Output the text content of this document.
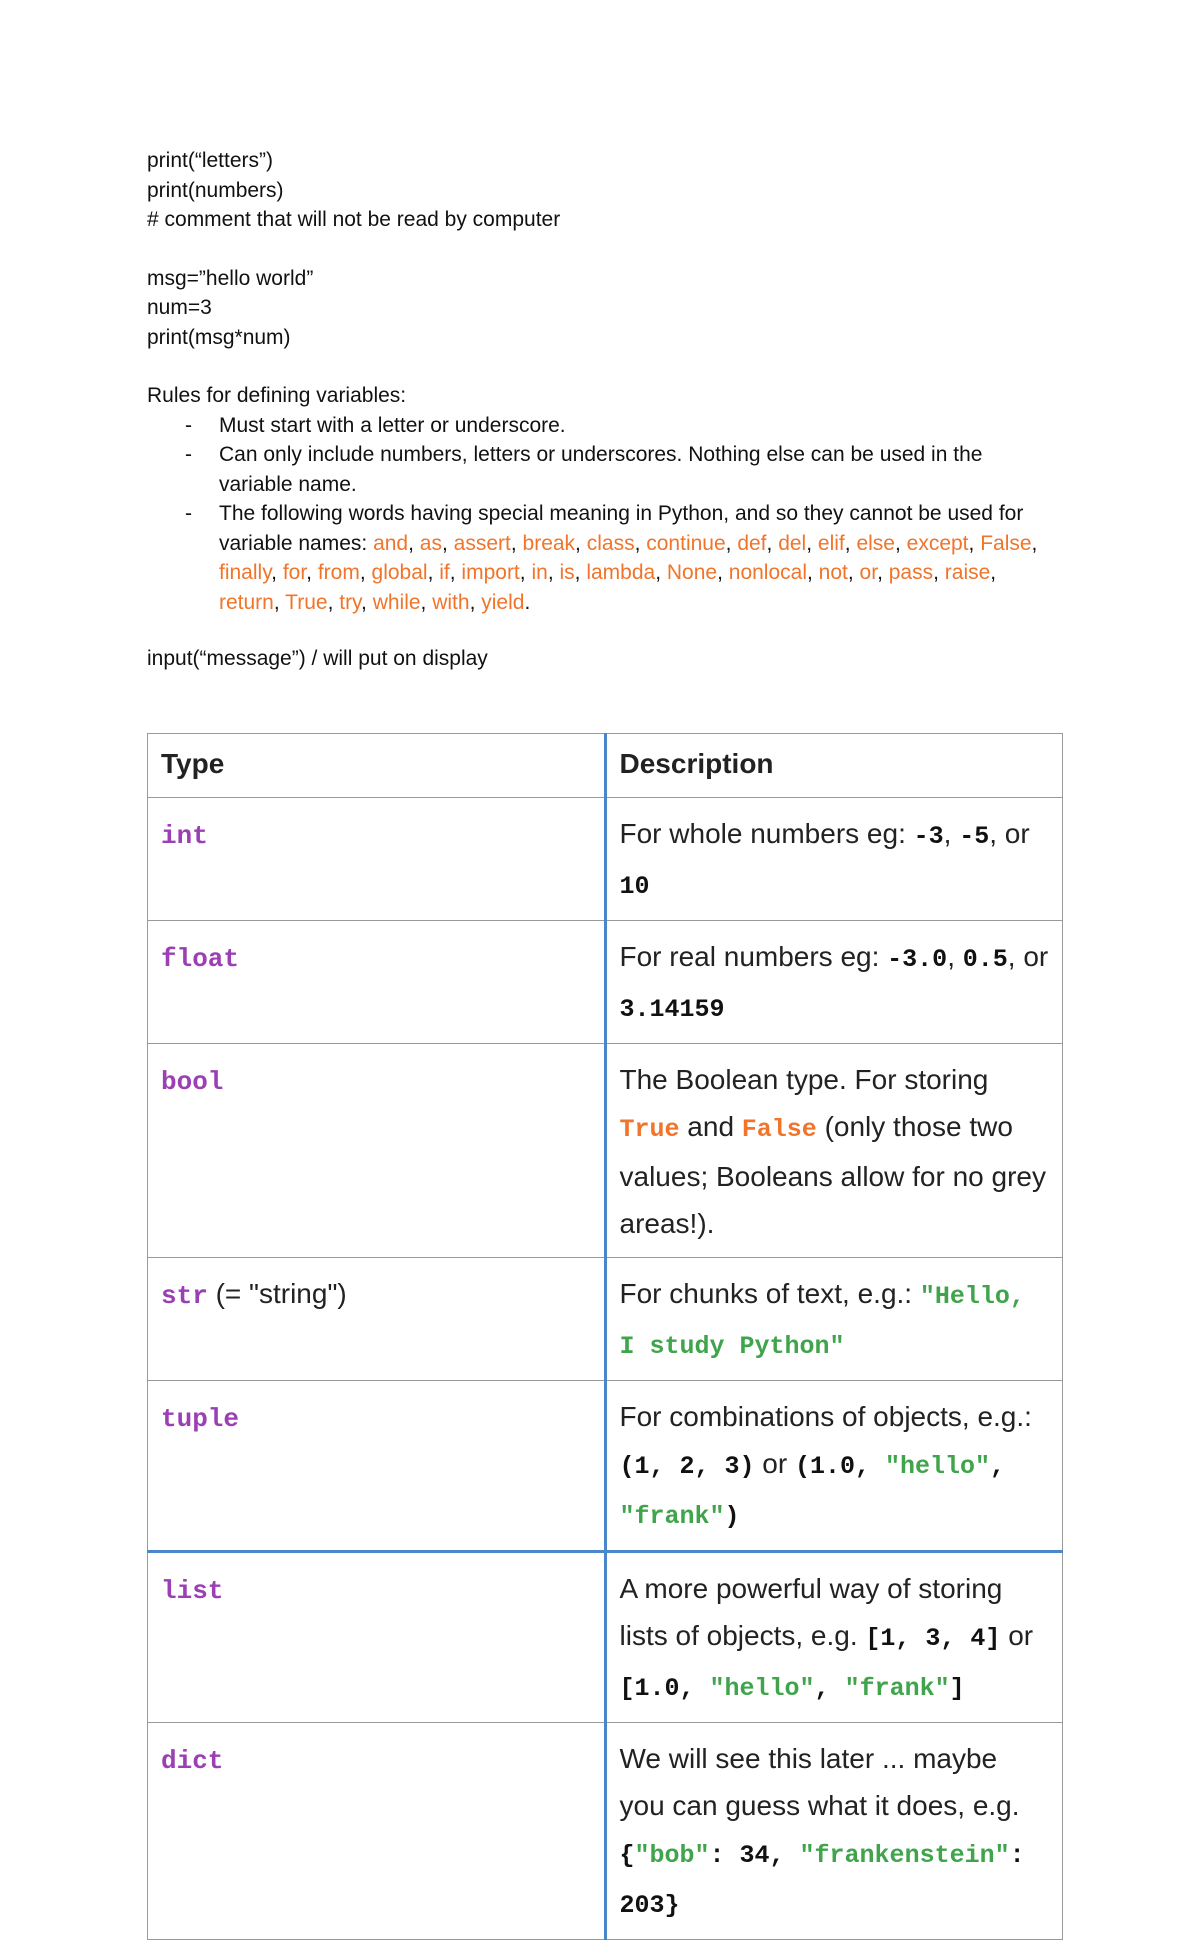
print(“letters”)
print(numbers)
# comment that will not be read by computer
msg=”hello world”
num=3
print(msg*num)
Rules for defining variables:
- Must start with a letter or underscore.
- Can only include numbers, letters or underscores. Nothing else can be used in the variable name.
- The following words having special meaning in Python, and so they cannot be used for variable names: and, as, assert, break, class, continue, def, del, elif, else, except, False, finally, for, from, global, if, import, in, is, lambda, None, nonlocal, not, or, pass, raise, return, True, try, while, with, yield.
input(“message”) / will put on display
Type	Description
int	For whole numbers eg: -3, -5, or 10
float	For real numbers eg: -3.0, 0.5, or 3.14159
bool	The Boolean type. For storing True and False (only those two values; Booleans allow for no grey areas!).
str (= "string")	For chunks of text, e.g.: "Hello, I study Python"
tuple	For combinations of objects, e.g.: (1, 2, 3) or (1.0, "hello", "frank")
list	A more powerful way of storing lists of objects, e.g. [1, 3, 4] or [1.0, "hello", "frank"]
dict	We will see this later ... maybe you can guess what it does, e.g. {"bob": 34, "frankenstein": 203}
